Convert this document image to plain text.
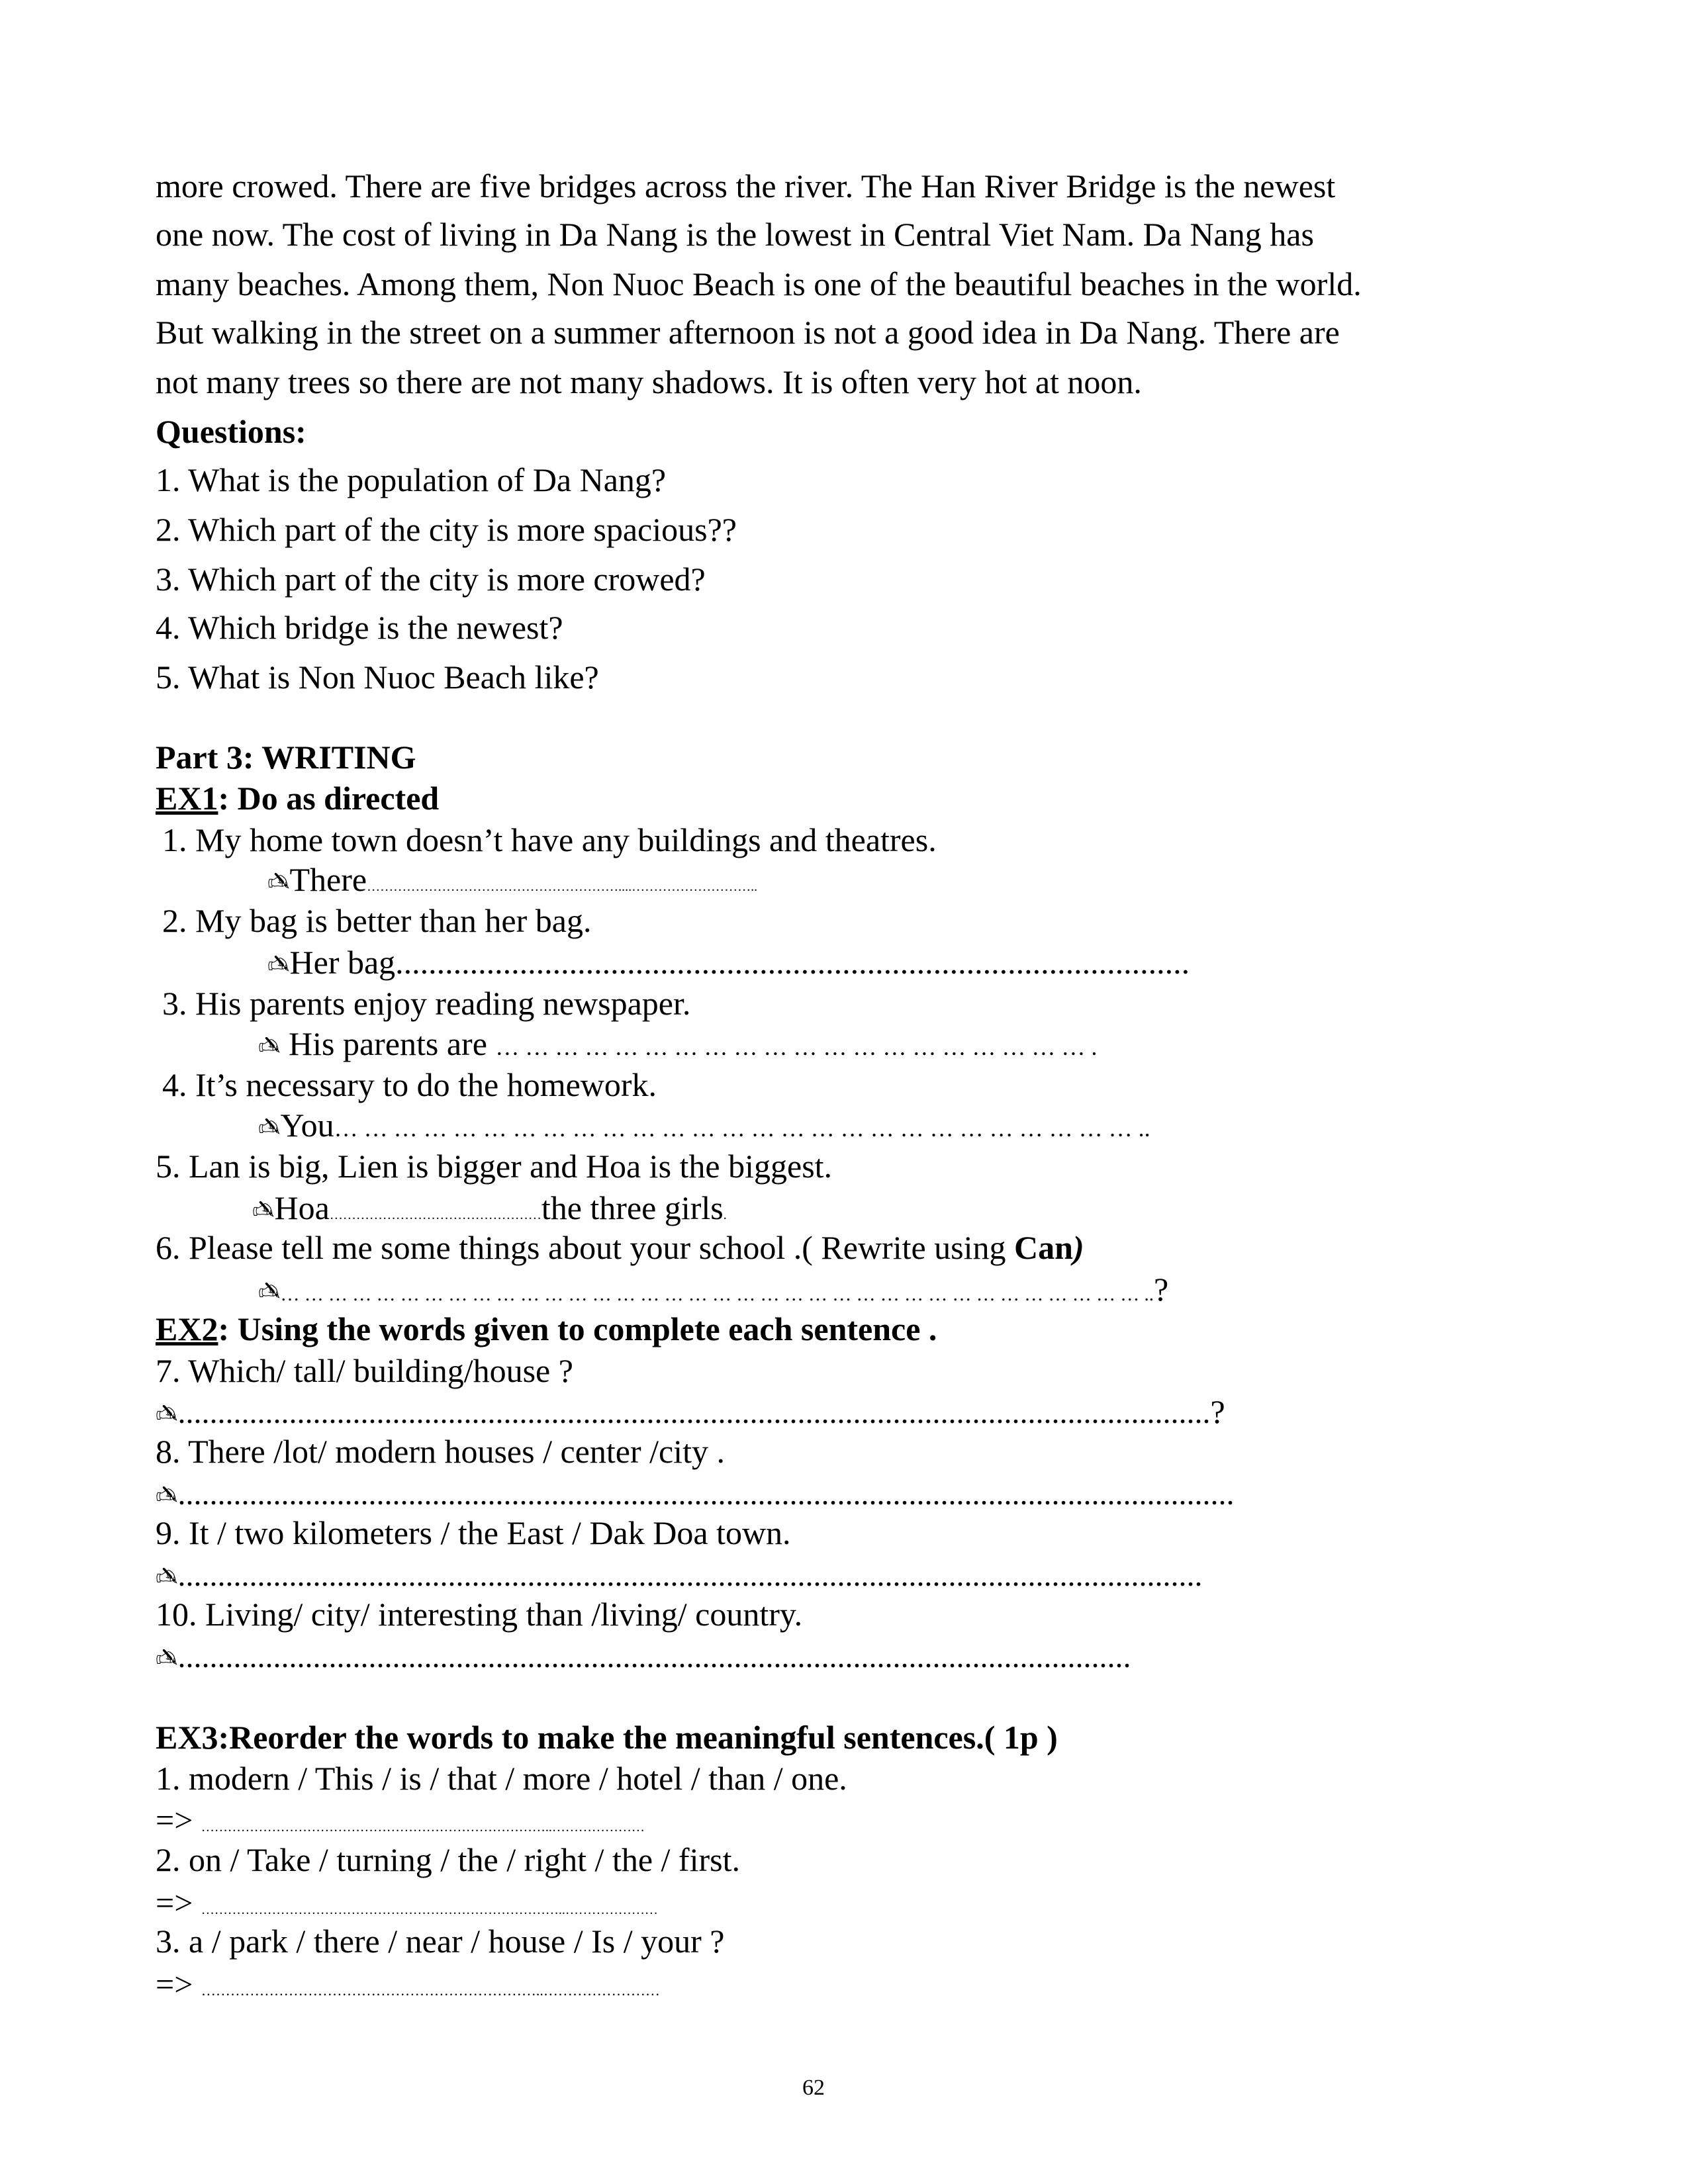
more crowed. There are five bridges across the river. The Han River Bridge is the newest
one now. The cost of living in Da Nang is the lowest in Central Viet Nam. Da Nang has
many beaches. Among them, Non Nuoc Beach is one of the beautiful beaches in the world.
But walking in the street on a summer afternoon is not a good idea in Da Nang. There are
not many trees so there are not many shadows. It is often very hot at noon.
Questions:
1. What is the population of Da Nang?
2. Which part of the city is more spacious??
3. Which part of the city is more crowed?
4. Which bridge is the newest?
5. What is Non Nuoc Beach like?
Part 3: WRITING
EX1: Do as directed
1. My home town doesn’t have any buildings and theatres.
✍There…………………………………………………....………………………..
2. My bag is better than her bag.
✍Her bag................................................................................................
3. His parents enjoy reading newspaper.
✍ His parents are … … … … … … … … … … … … … … … … … … … … .
4. It’s necessary to do the homework.
✍You… … … … … … … … … … … … … … … … … … … … … … … … … … … ..
5. Lan is big, Lien is bigger and Hoa is the biggest.
✍Hoa…………………………………………the three girls.
6. Please tell me some things about your school .( Rewrite using Can)
✍… … … … … … … … … … … … … … … … … … … … … … … … … … … … … … … … … … … … ..?
EX2: Using the words given to complete each sentence .
7. Which/ tall/ building/house ?
✍..................................................................................................................................?
8. There /lot/ modern houses / center /city .
✍.....................................................................................................................................
9. It / two kilometers / the East / Dak Doa town.
✍.................................................................................................................................
10. Living/ city/ interesting than /living/ country.
✍........................................................................................................................
EX3:Reorder the words to make the meaningful sentences.( 1p )
1. modern / This / is / that / more / hotel / than / one.
=> ……………………………………………………………………..…………………
2. on / Take / turning / the / right / the / first.
=> ………………………………………………………………………..…………………
3. a / park / there / near / house / Is / your ?
=> ……………………………………………………………..……………………
62
